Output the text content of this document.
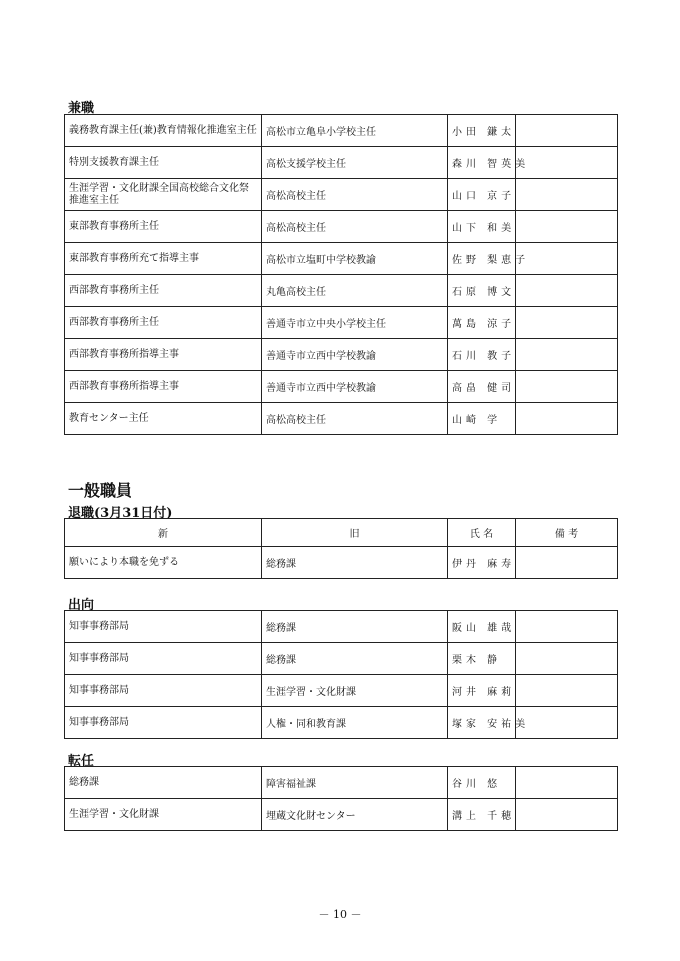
兼職
義務教育課主任(兼)教育情報化推進室主任	高松市立亀阜小学校主任	小田 鎌太	
特別支援教育課主任	高松支援学校主任	森川 智英美	
生涯学習・文化財課全国高校総合文化祭推進室主任	高松高校主任	山口 京子	
東部教育事務所主任	高松高校主任	山下 和美	
東部教育事務所充て指導主事	高松市立塩町中学校教諭	佐野 梨恵子	
西部教育事務所主任	丸亀高校主任	石原 博文	
西部教育事務所主任	善通寺市立中央小学校主任	萬島 涼子	
西部教育事務所指導主事	善通寺市立西中学校教諭	石川 教子	
西部教育事務所指導主事	善通寺市立西中学校教諭	高畠 健司	
教育センター主任	高松高校主任	山崎 学	
一般職員
退職(3月31日付)
新	旧	氏 名	備 考
願いにより本職を免ずる	総務課	伊丹 麻寿	
出向
知事事務部局	総務課	阪山 雄哉	
知事事務部局	総務課	栗木 静	
知事事務部局	生涯学習・文化財課	河井 麻莉	
知事事務部局	人権・同和教育課	塚家 安祐美	
転任
総務課	障害福祉課	谷川 悠	
生涯学習・文化財課	埋蔵文化財センター	溝上 千穂	
－ 10 －
